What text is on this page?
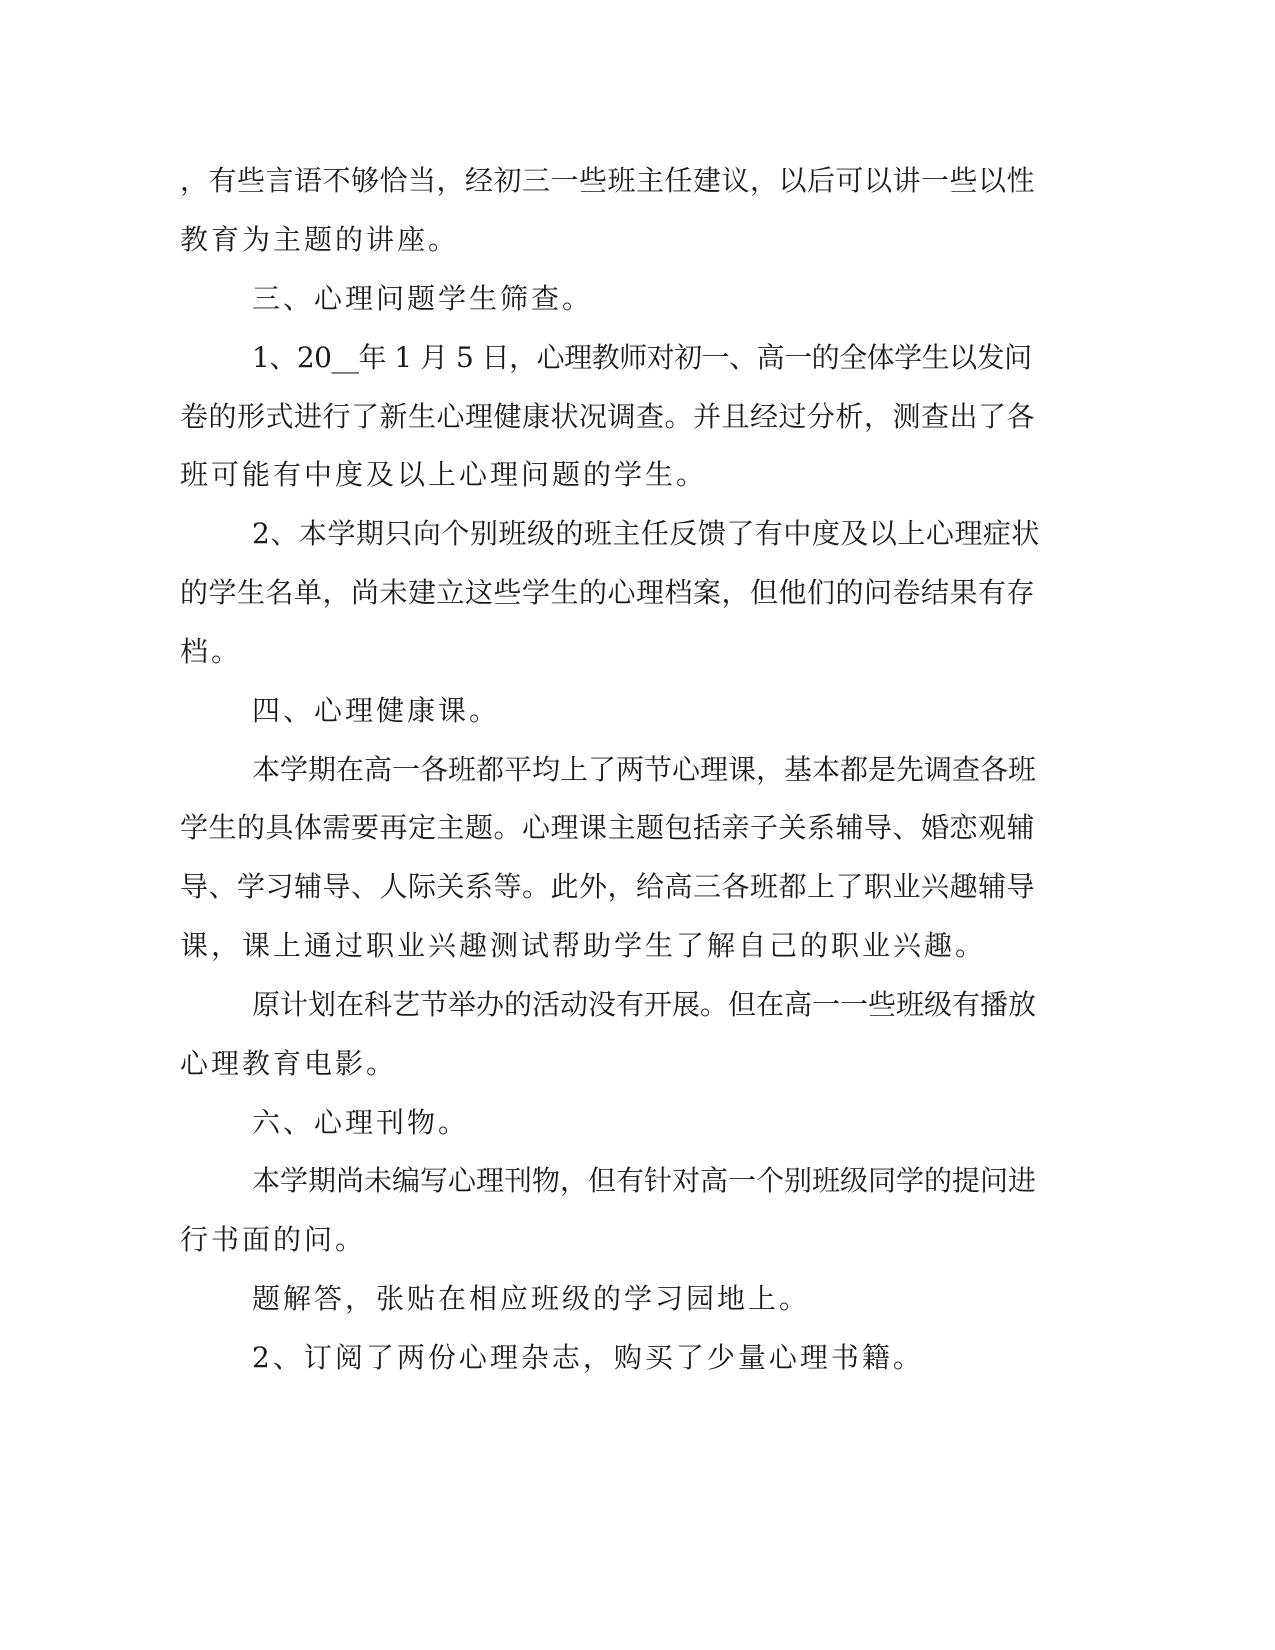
，有些言语不够恰当，经初三一些班主任建议，以后可以讲一些以性
教育为主题的讲座。
三、心理问题学生筛查。
1、20__年 1 月 5 日，心理教师对初一、高一的全体学生以发问
卷的形式进行了新生心理健康状况调查。并且经过分析，测查出了各
班可能有中度及以上心理问题的学生。
2、本学期只向个别班级的班主任反馈了有中度及以上心理症状
的学生名单，尚未建立这些学生的心理档案，但他们的问卷结果有存
档。
四、心理健康课。
本学期在高一各班都平均上了两节心理课，基本都是先调查各班
学生的具体需要再定主题。心理课主题包括亲子关系辅导、婚恋观辅
导、学习辅导、人际关系等。此外，给高三各班都上了职业兴趣辅导
课，课上通过职业兴趣测试帮助学生了解自己的职业兴趣。
原计划在科艺节举办的活动没有开展。但在高一一些班级有播放
心理教育电影。
六、心理刊物。
本学期尚未编写心理刊物，但有针对高一个别班级同学的提问进
行书面的问。
题解答，张贴在相应班级的学习园地上。
2、订阅了两份心理杂志，购买了少量心理书籍。
